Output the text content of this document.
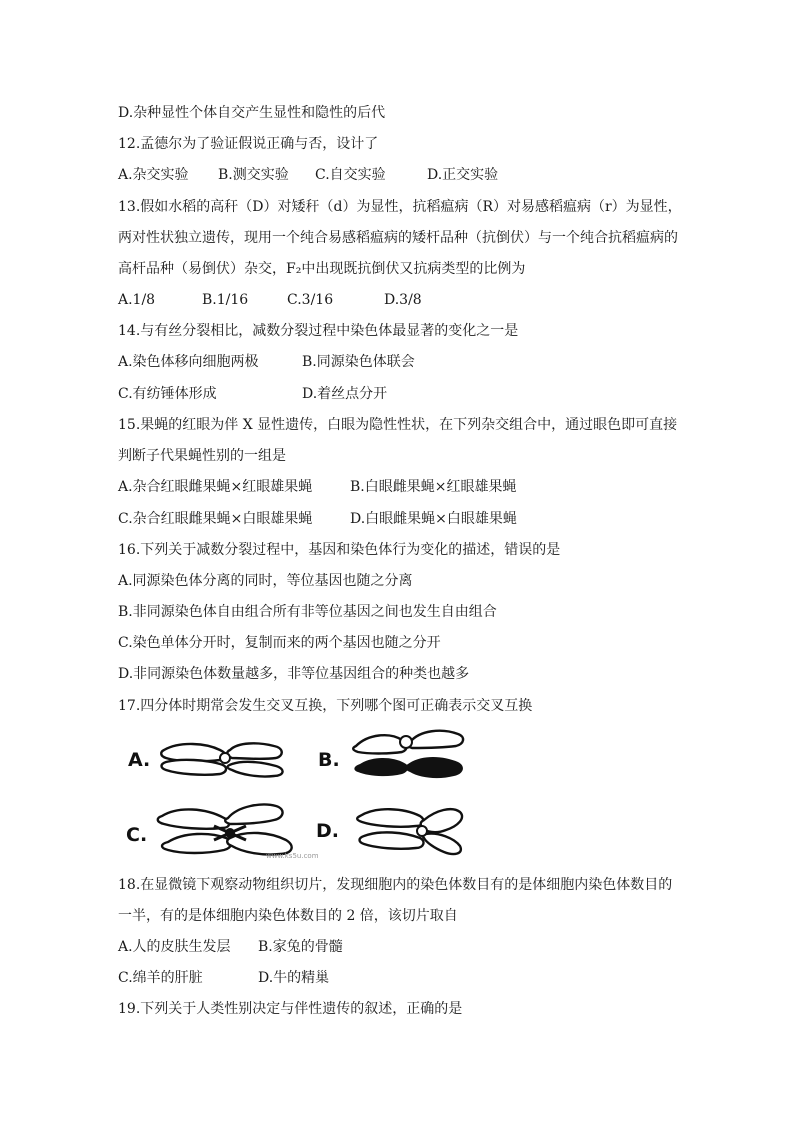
D.杂种显性个体自交产生显性和隐性的后代
12.孟德尔为了验证假说正确与否，设计了
A.杂交实验 B.测交实验 C.自交实验	D.正交实验
13.假如水稻的高秆（D）对矮秆（d）为显性，抗稻瘟病（R）对易感稻瘟病（r）为显性，
两对性状独立遗传，现用一个纯合易感稻瘟病的矮杆品种（抗倒伏）与一个纯合抗稻瘟病的
高杆品种（易倒伏）杂交，F₂中出现既抗倒伏又抗病类型的比例为
A.1/8	B.1/16	C.3/16	D.3/8
14.与有丝分裂相比，减数分裂过程中染色体最显著的变化之一是
A.染色体移向细胞两极	B.同源染色体联会
C.有纺锤体形成	D.着丝点分开
15.果蝇的红眼为伴 X 显性遗传，白眼为隐性性状，在下列杂交组合中，通过眼色即可直接
判断子代果蝇性别的一组是
A.杂合红眼雌果蝇×红眼雄果蝇	B.白眼雌果蝇×红眼雄果蝇
C.杂合红眼雌果蝇×白眼雄果蝇	D.白眼雌果蝇×白眼雄果蝇
16.下列关于减数分裂过程中，基因和染色体行为变化的描述，错误的是
A.同源染色体分离的同时，等位基因也随之分离
B.非同源染色体自由组合所有非等位基因之间也发生自由组合
C.染色单体分开时，复制而来的两个基因也随之分开
D.非同源染色体数量越多，非等位基因组合的种类也越多
17.四分体时期常会发生交叉互换，下列哪个图可正确表示交叉互换
A.	B.
C.	D.
www.ks5u.com
18.在显微镜下观察动物组织切片，发现细胞内的染色体数目有的是体细胞内染色体数目的
一半，有的是体细胞内染色体数目的 2 倍，该切片取自
A.人的皮肤生发层 B.家兔的骨髓
C.绵羊的肝脏	D.牛的精巢
19.下列关于人类性别决定与伴性遗传的叙述，正确的是
